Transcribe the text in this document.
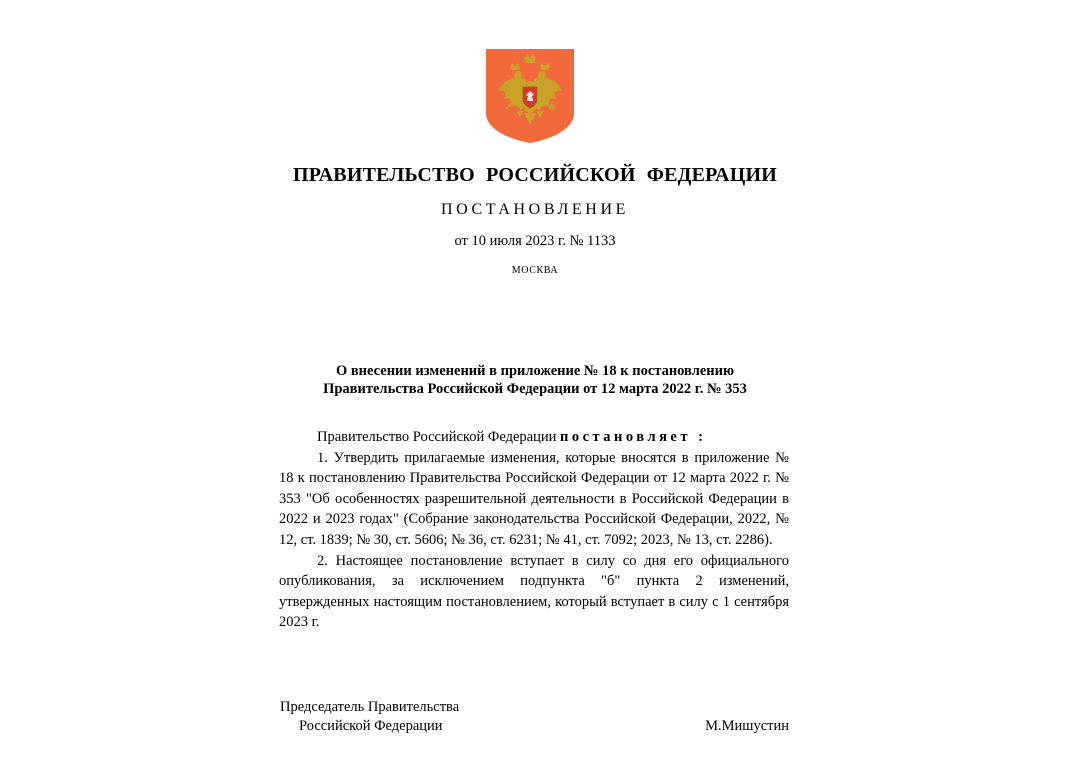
ПРАВИТЕЛЬСТВО РОССИЙСКОЙ ФЕДЕРАЦИИ
ПОСТАНОВЛЕНИЕ
от 10 июля 2023 г. № 1133
МОСКВА
О внесении изменений в приложение № 18 к постановлению
Правительства Российской Федерации от 12 марта 2022 г. № 353

Правительство Российской Федерации постановляет :

1. Утвердить прилагаемые изменения, которые вносятся в приложение № 18 к постановлению Правительства Российской Федерации от 12 марта 2022 г. № 353 "Об особенностях разрешительной деятельности в Российской Федерации в 2022 и 2023 годах" (Собрание законодательства Российской Федерации, 2022, № 12, ст. 1839; № 30, ст. 5606; № 36, ст. 6231; № 41, ст. 7092; 2023, № 13, ст. 2286).

2. Настоящее постановление вступает в силу со дня его официального опубликования, за исключением подпункта "б" пункта 2 изменений, утвержденных настоящим постановлением, который вступает в силу с 1 сентября 2023 г.

Председатель Правительства
Российской Федерации	М.Мишустин
